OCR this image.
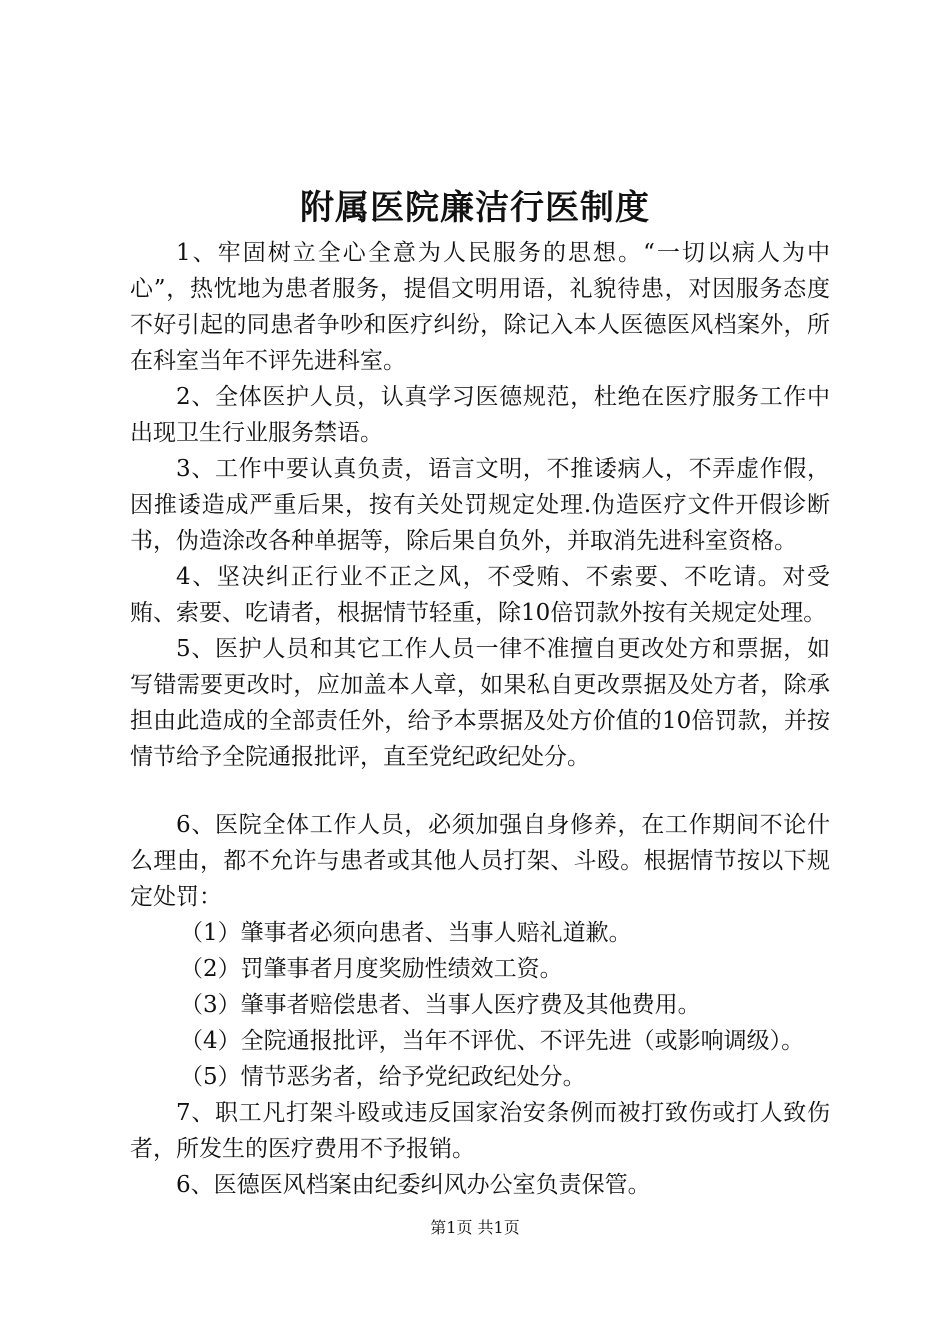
附属医院廉洁行医制度

1、牢固树立全心全意为人民服务的思想。“一切以病人为中心”，热忱地为患者服务，提倡文明用语，礼貌待患，对因服务态度不好引起的同患者争吵和医疗纠纷，除记入本人医德医风档案外，所在科室当年不评先进科室。

2、全体医护人员，认真学习医德规范，杜绝在医疗服务工作中出现卫生行业服务禁语。

3、工作中要认真负责，语言文明，不推诿病人，不弄虚作假，因推诿造成严重后果，按有关处罚规定处理.伪造医疗文件开假诊断书，伪造涂改各种单据等，除后果自负外，并取消先进科室资格。

4、坚决纠正行业不正之风，不受贿、不索要、不吃请。对受贿、索要、吃请者，根据情节轻重，除10倍罚款外按有关规定处理。

5、医护人员和其它工作人员一律不准擅自更改处方和票据，如写错需要更改时，应加盖本人章，如果私自更改票据及处方者，除承担由此造成的全部责任外，给予本票据及处方价值的10倍罚款，并按情节给予全院通报批评，直至党纪政纪处分。

6、医院全体工作人员，必须加强自身修养，在工作期间不论什么理由，都不允许与患者或其他人员打架、斗殴。根据情节按以下规定处罚：

（1）肇事者必须向患者、当事人赔礼道歉。

（2）罚肇事者月度奖励性绩效工资。

（3）肇事者赔偿患者、当事人医疗费及其他费用。

（4）全院通报批评，当年不评优、不评先进（或影响调级）。

（5）情节恶劣者，给予党纪政纪处分。

7、职工凡打架斗殴或违反国家治安条例而被打致伤或打人致伤者，所发生的医疗费用不予报销。

6、医德医风档案由纪委纠风办公室负责保管。

第1页 共1页
